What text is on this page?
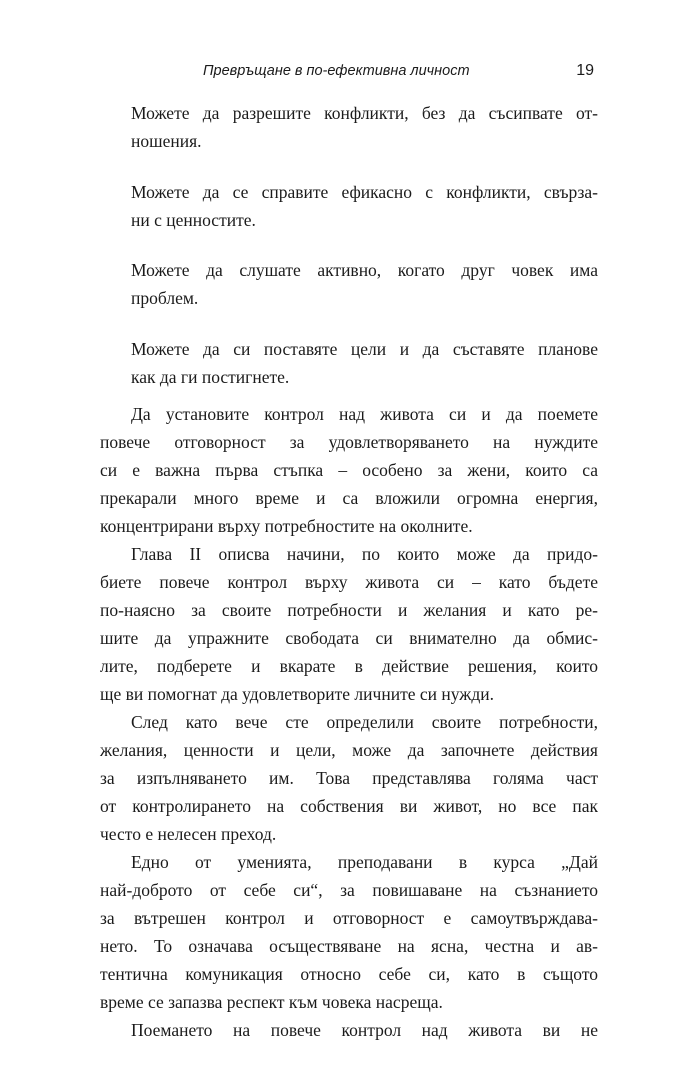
Превръщане в по-ефективна личност	19

Можете да разрешите конфликти, без да съсипвате от-
ношения.

Можете да се справите ефикасно с конфликти, свърза-
ни с ценностите.

Можете да слушате активно, когато друг човек има
проблем.

Можете да си поставяте цели и да съставяте планове
как да ги постигнете.

Да установите контрол над живота си и да поемете
повече отговорност за удовлетворяването на нуждите
си е важна първа стъпка – особено за жени, които са
прекарали много време и са вложили огромна енергия,
концентрирани върху потребностите на околните.

Глава II описва начини, по които може да придо-
биете повече контрол върху живота си – като бъдете
по-наясно за своите потребности и желания и като ре-
шите да упражните свободата си внимателно да обмис-
лите, подберете и вкарате в действие решения, които
ще ви помогнат да удовлетворите личните си нужди.

След като вече сте определили своите потребности,
желания, ценности и цели, може да започнете действия
за изпълняването им. Това представлява голяма част
от контролирането на собствения ви живот, но все пак
често е нелесен преход.

Едно от уменията, преподавани в курса „Дай
най-доброто от себе си“, за повишаване на съзнанието
за вътрешен контрол и отговорност е самоутвърждава-
нето. То означава осъществяване на ясна, честна и ав-
тентична комуникация относно себе си, като в същото
време се запазва респект към човека насреща.

Поемането на повече контрол над живота ви не
